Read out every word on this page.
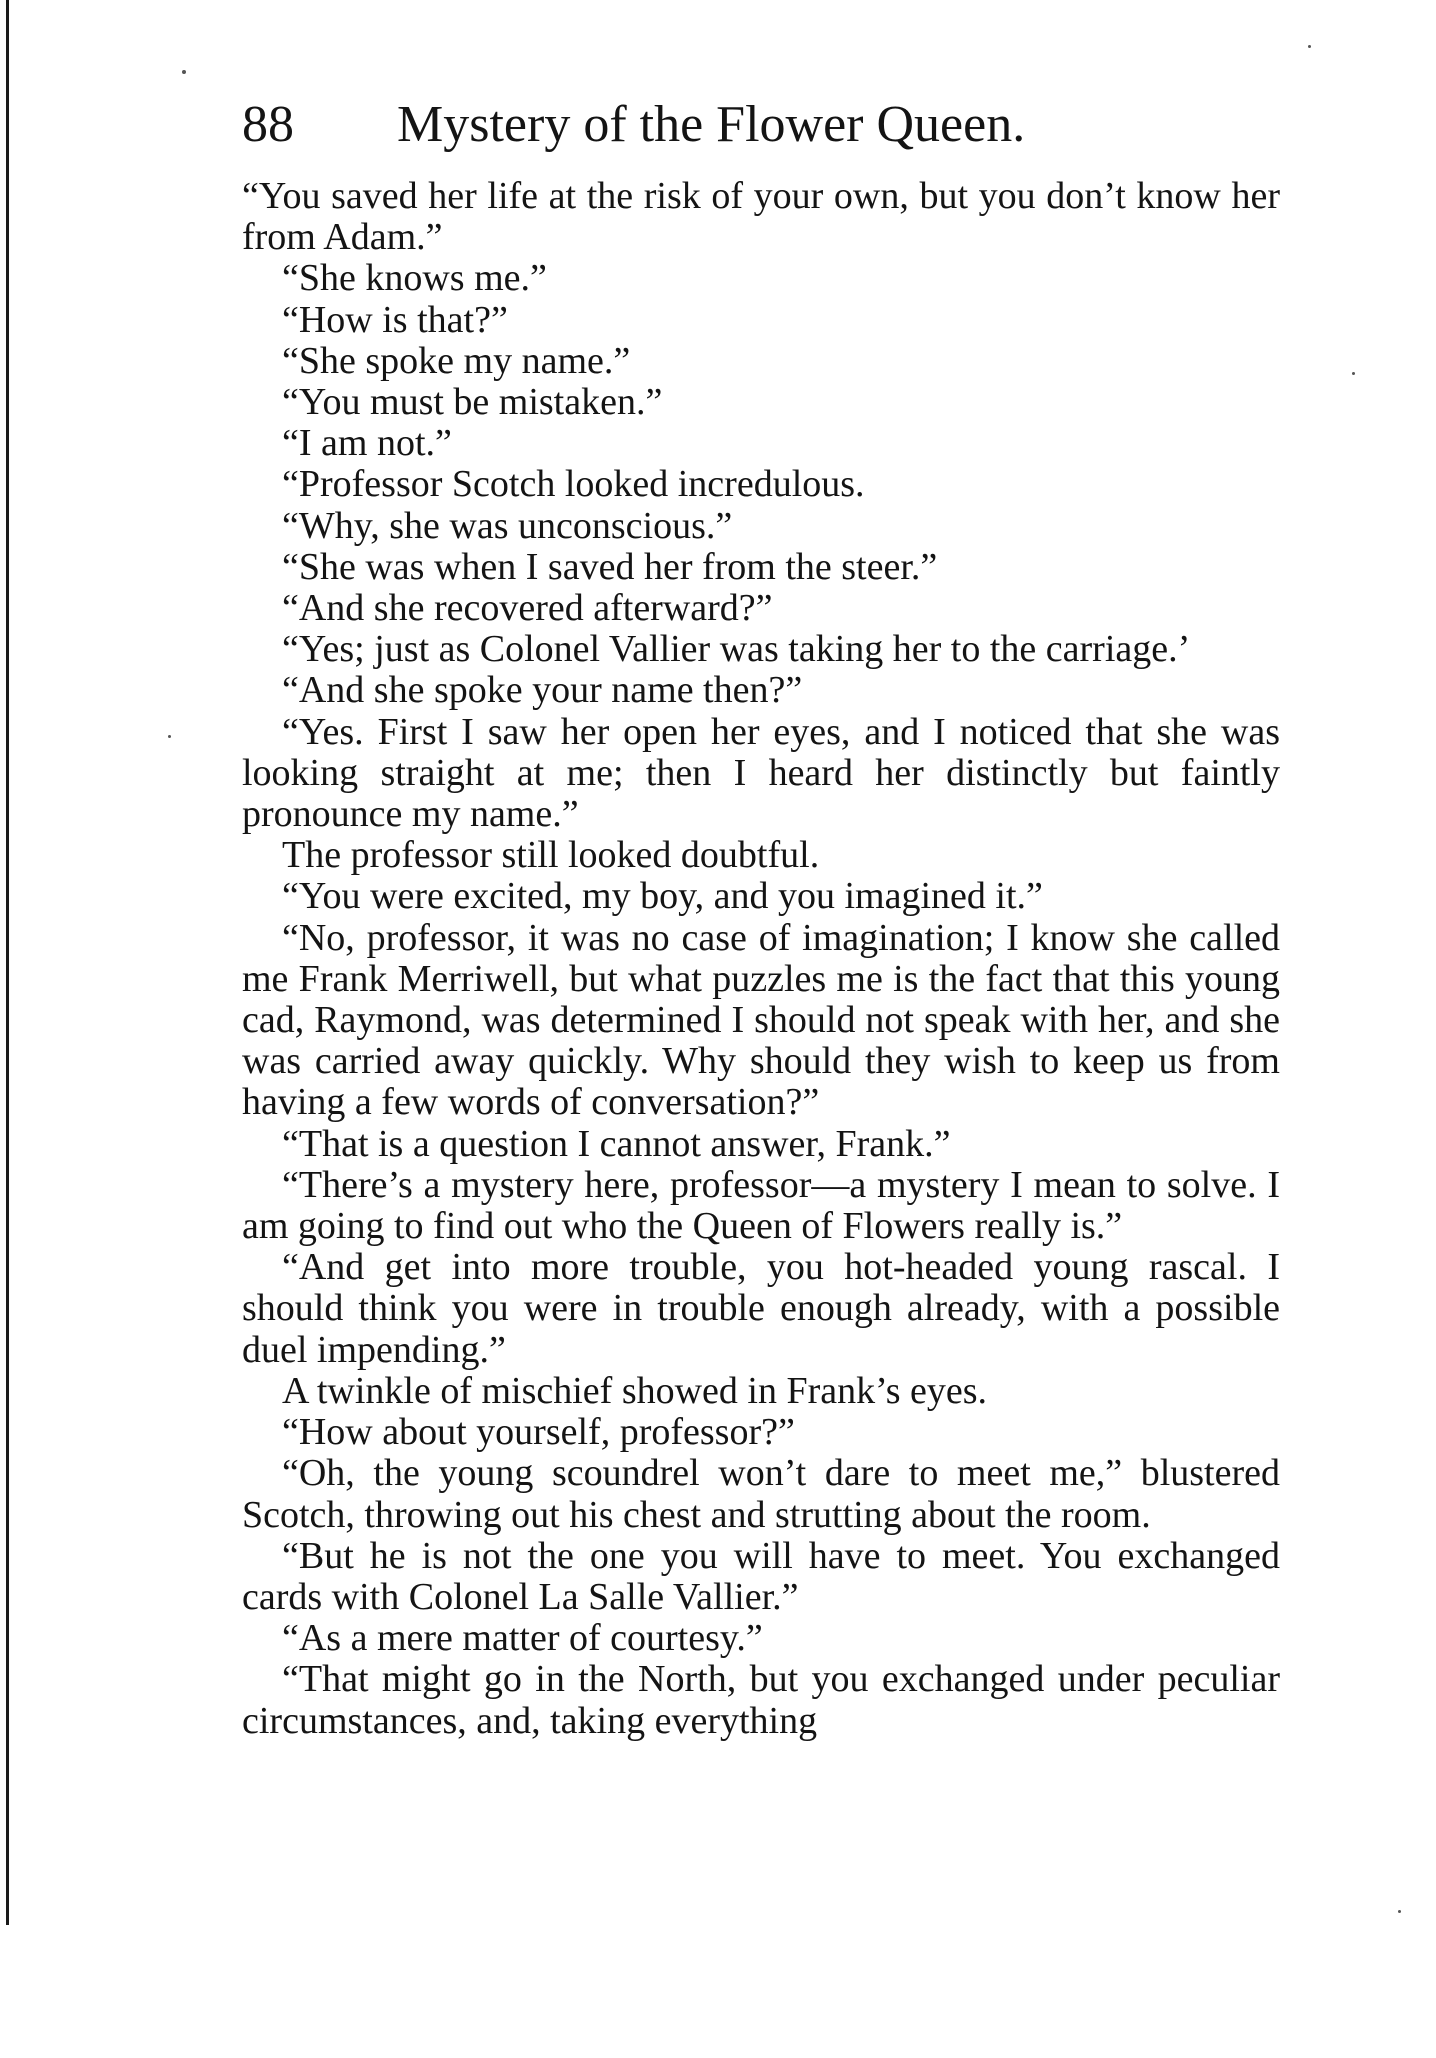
88 Mystery of the Flower Queen.

“You saved her life at the risk of your own, but you don’t know her from Adam.”

“She knows me.”

“How is that?”

“She spoke my name.”

“You must be mistaken.”

“I am not.”

“Professor Scotch looked incredulous.

“Why, she was unconscious.”

“She was when I saved her from the steer.”

“And she recovered afterward?”

“Yes; just as Colonel Vallier was taking her to the carriage.’

“And she spoke your name then?”

“Yes. First I saw her open her eyes, and I noticed that she was looking straight at me; then I heard her distinctly but faintly pronounce my name.”

The professor still looked doubtful.

“You were excited, my boy, and you imagined it.”

“No, professor, it was no case of imagination; I know she called me Frank Merriwell, but what puzzles me is the fact that this young cad, Raymond, was determined I should not speak with her, and she was carried away quickly. Why should they wish to keep us from having a few words of conversation?”

“That is a question I cannot answer, Frank.”

“There’s a mystery here, professor—a mystery I mean to solve. I am going to find out who the Queen of Flowers really is.”

“And get into more trouble, you hot-headed young rascal. I should think you were in trouble enough already, with a possible duel impending.”

A twinkle of mischief showed in Frank’s eyes.

“How about yourself, professor?”

“Oh, the young scoundrel won’t dare to meet me,” blustered Scotch, throwing out his chest and strutting about the room.

“But he is not the one you will have to meet. You exchanged cards with Colonel La Salle Vallier.”

“As a mere matter of courtesy.”

“That might go in the North, but you exchanged under peculiar circumstances, and, taking everything
